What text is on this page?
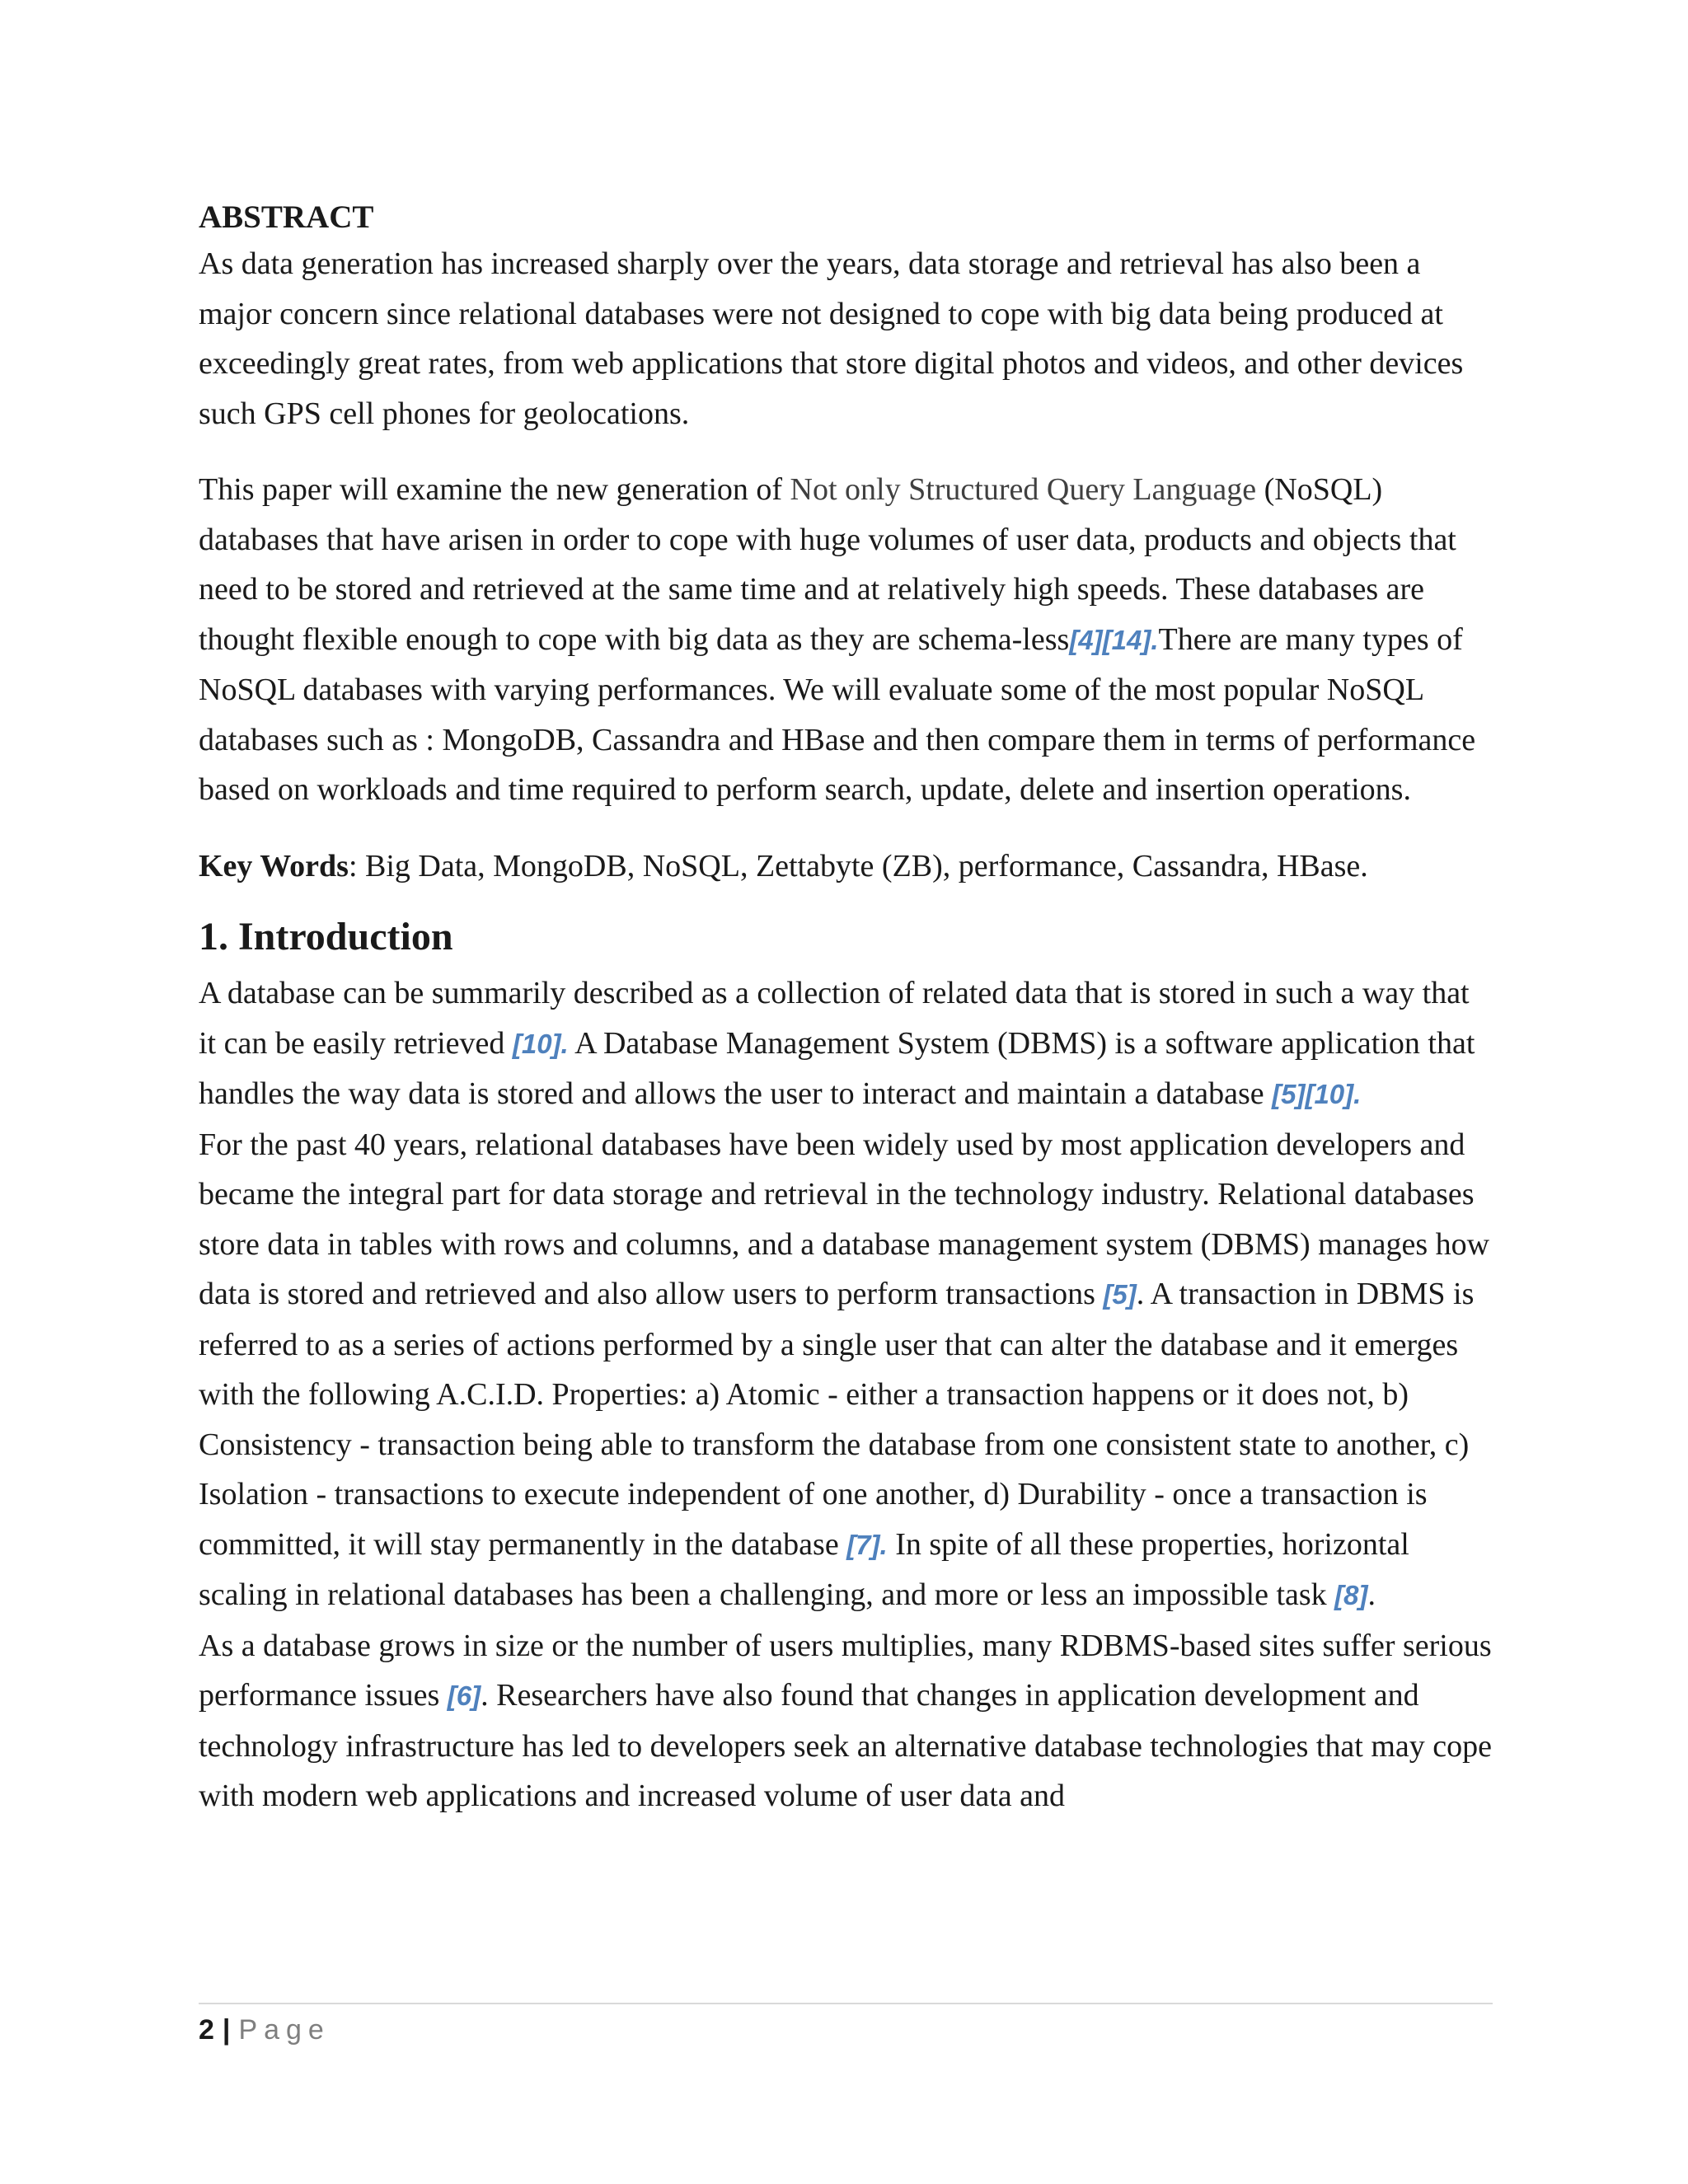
ABSTRACT

As data generation has increased sharply over the years, data storage and retrieval has also been a major concern since relational databases were not designed to cope with big data being produced at exceedingly great rates, from web applications that store digital photos and videos, and other devices such GPS cell phones for geolocations.

This paper will examine the new generation of Not only Structured Query Language (NoSQL) databases that have arisen in order to cope with huge volumes of user data, products and objects that need to be stored and retrieved at the same time and at relatively high speeds. These databases are thought flexible enough to cope with big data as they are schema-less[4][14].There are many types of NoSQL databases with varying performances. We will evaluate some of the most popular NoSQL databases such as : MongoDB, Cassandra and HBase and then compare them in terms of performance based on workloads and time required to perform search, update, delete and insertion operations.

Key Words: Big Data, MongoDB, NoSQL, Zettabyte (ZB), performance, Cassandra, HBase.

1. Introduction

A database can be summarily described as a collection of related data that is stored in such a way that it can be easily retrieved [10]. A Database Management System (DBMS) is a software application that handles the way data is stored and allows the user to interact and maintain a database [5][10].

For the past 40 years, relational databases have been widely used by most application developers and became the integral part for data storage and retrieval in the technology industry. Relational databases store data in tables with rows and columns, and a database management system (DBMS) manages how data is stored and retrieved and also allow users to perform transactions [5]. A transaction in DBMS is referred to as a series of actions performed by a single user that can alter the database and it emerges with the following A.C.I.D. Properties: a) Atomic - either a transaction happens or it does not, b) Consistency - transaction being able to transform the database from one consistent state to another, c) Isolation - transactions to execute independent of one another, d) Durability - once a transaction is committed, it will stay permanently in the database [7]. In spite of all these properties, horizontal scaling in relational databases has been a challenging, and more or less an impossible task [8].

As a database grows in size or the number of users multiplies, many RDBMS-based sites suffer serious performance issues [6]. Researchers have also found that changes in application development and technology infrastructure has led to developers seek an alternative database technologies that may cope with modern web applications and increased volume of user data and

2 | Page
